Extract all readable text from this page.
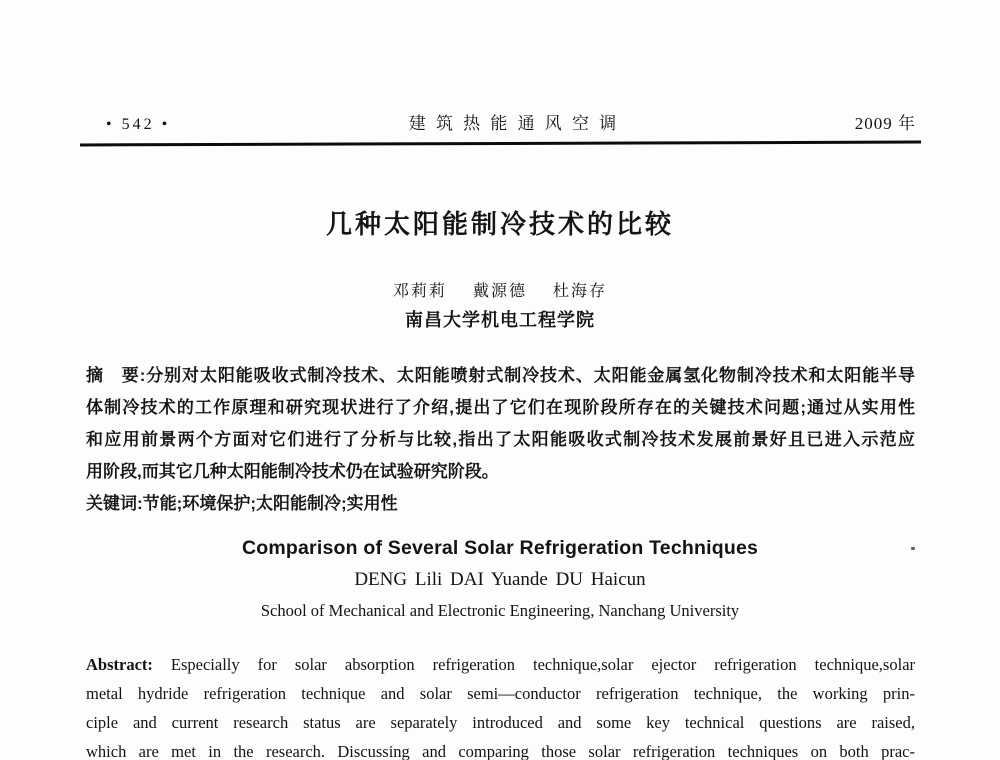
• 542 •	建筑热能通风空调	2009 年
几种太阳能制冷技术的比较
邓莉莉 戴源德 杜海存
南昌大学机电工程学院
摘　要:分别对太阳能吸收式制冷技术、太阳能喷射式制冷技术、太阳能金属氢化物制冷技术和太阳能半导
体制冷技术的工作原理和研究现状进行了介绍,提出了它们在现阶段所存在的关键技术问题;通过从实用性
和应用前景两个方面对它们进行了分析与比较,指出了太阳能吸收式制冷技术发展前景好且已进入示范应
用阶段,而其它几种太阳能制冷技术仍在试验研究阶段。
关键词:节能;环境保护;太阳能制冷;实用性
Comparison of Several Solar Refrigeration Techniques
DENG Lili DAI Yuande DU Haicun
School of Mechanical and Electronic Engineering, Nanchang University
Abstract: Especially for solar absorption refrigeration technique,solar ejector refrigeration technique,solar
metal hydride refrigeration technique and solar semi—conductor refrigeration technique, the working prin-
ciple and current research status are separately introduced and some key technical questions are raised,
which are met in the research. Discussing and comparing those solar refrigeration techniques on both prac-
